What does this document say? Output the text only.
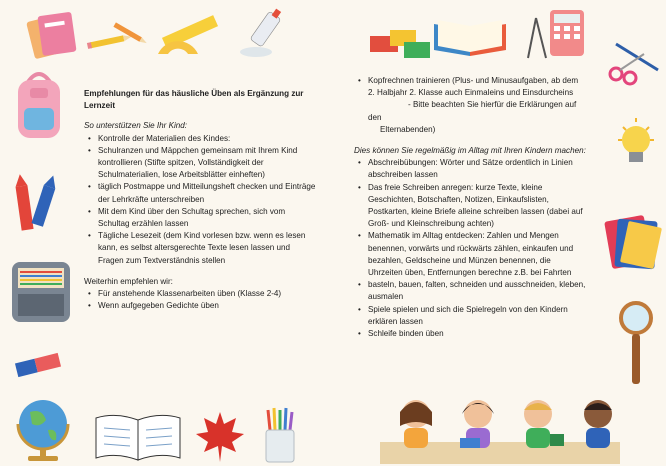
Empfehlungen für das häusliche Üben als Ergänzung zur Lernzeit
So unterstützen Sie Ihr Kind:
• Kontrolle der Materialien des Kindes:
• Schulranzen und Mäppchen gemeinsam mit Ihrem Kind kontrollieren (Stifte spitzen, Vollständigkeit der Schulmaterialien, lose Arbeitsblätter einheften)
• täglich Postmappe und Mitteilungsheft checken und Einträge der Lehrkräfte unterschreiben
• Mit dem Kind über den Schultag sprechen, sich vom Schultag erzählen lassen
• Tägliche Lesezeit (dem Kind vorlesen bzw. wenn es lesen kann, es selbst altersgerechte Texte lesen lassen und Fragen zum Textverständnis stellen
Weiterhin empfehlen wir:
• Für anstehende Klassenarbeiten üben (Klasse 2-4)
• Wenn aufgegeben Gedichte üben
• Kopfrechnen trainieren (Plus- und Minusaufgaben, ab dem 2. Halbjahr 2. Klasse auch Einmaleins und Einsdurcheins- Bitte beachten Sie hierfür die Erklärungen auf den
Elternabenden)
Dies können Sie regelmäßig im Alltag mit Ihren Kindern machen:
• Abschreibübungen: Wörter und Sätze ordentlich in Linien abschreiben lassen
• Das freie Schreiben anregen: kurze Texte, kleine Geschichten, Botschaften, Notizen, Einkaufslisten, Postkarten, kleine Briefe alleine schreiben lassen (dabei auf Groß- und Kleinschreibung achten)
• Mathematik im Alltag entdecken: Zahlen und Mengen benennen, vorwärts und rückwärts zählen, einkaufen und bezahlen, Geldscheine und Münzen benennen, die Uhrzeiten üben, Entfernungen berechne z.B. bei Fahrten
• basteln, bauen, falten, schneiden und ausschneiden, kleben, ausmalen
• Spiele spielen und sich die Spielregeln von den Kindern erklären lassen
• Schleife binden üben
